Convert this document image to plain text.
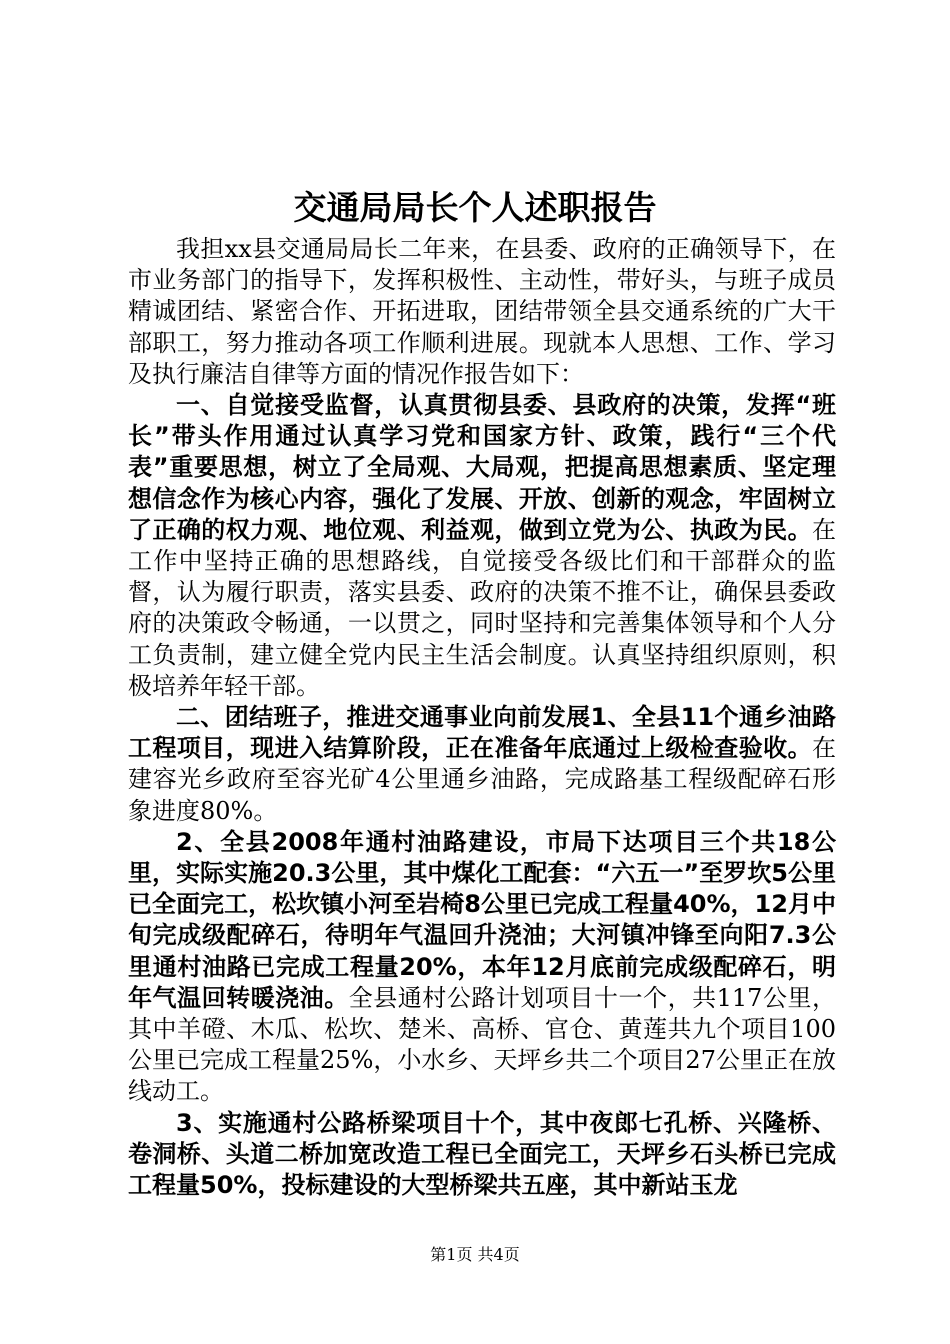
交通局局长个人述职报告

我担xx县交通局局长二年来，在县委、政府的正确领导下，在市业务部门的指导下，发挥积极性、主动性，带好头，与班子成员精诚团结、紧密合作、开拓进取，团结带领全县交通系统的广大干部职工，努力推动各项工作顺利进展。现就本人思想、工作、学习及执行廉洁自律等方面的情况作报告如下：

一、自觉接受监督，认真贯彻县委、县政府的决策，发挥“班长”带头作用通过认真学习党和国家方针、政策，践行“三个代表”重要思想，树立了全局观、大局观，把提高思想素质、坚定理想信念作为核心内容，强化了发展、开放、创新的观念，牢固树立了正确的权力观、地位观、利益观，做到立党为公、执政为民。在工作中坚持正确的思想路线，自觉接受各级比们和干部群众的监督，认为履行职责，落实县委、政府的决策不推不让，确保县委政府的决策政令畅通，一以贯之，同时坚持和完善集体领导和个人分工负责制，建立健全党内民主生活会制度。认真坚持组织原则，积极培养年轻干部。

二、团结班子，推进交通事业向前发展1、全县11个通乡油路工程项目，现进入结算阶段，正在准备年底通过上级检查验收。在建容光乡政府至容光矿4公里通乡油路，完成路基工程级配碎石形象进度80%。

2、全县2008年通村油路建设，市局下达项目三个共18公里，实际实施20.3公里，其中煤化工配套：“六五一”至罗坎5公里已全面完工，松坎镇小河至岩椅8公里已完成工程量40%，12月中旬完成级配碎石，待明年气温回升浇油；大河镇冲锋至向阳7.3公里通村油路已完成工程量20%，本年12月底前完成级配碎石，明年气温回转暖浇油。全县通村公路计划项目十一个，共117公里，其中羊磴、木瓜、松坎、楚米、高桥、官仓、黄莲共九个项目100公里已完成工程量25%，小水乡、天坪乡共二个项目27公里正在放线动工。

3、实施通村公路桥梁项目十个，其中夜郎七孔桥、兴隆桥、卷洞桥、头道二桥加宽改造工程已全面完工，天坪乡石头桥已完成工程量50%，投标建设的大型桥梁共五座，其中新站玉龙

第1页 共4页
